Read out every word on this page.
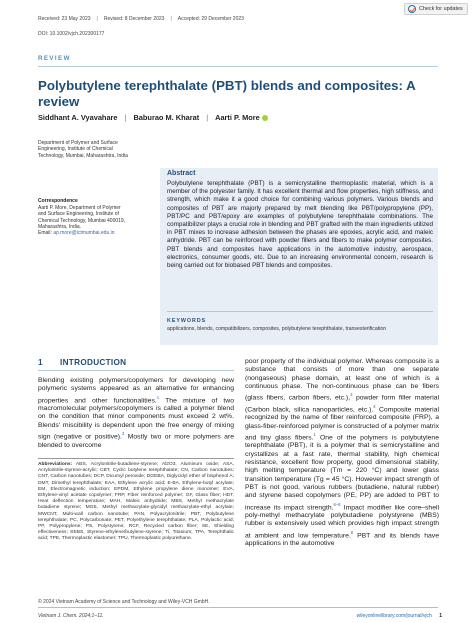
Received: 23 May 2023 | Revised: 8 December 2023 | Accepted: 29 December 2023
DOI: 10.1002/vjch.202300177
Check for updates
REVIEW
Polybutylene terephthalate (PBT) blends and composites: A review
Siddhant A. Vyavahare | Baburao M. Kharat | Aarti P. More
Department of Polymer and Surface Engineering, Institute of Chemical Technology, Mumbai, Maharashtra, India
Correspondence
Aarti P. More, Department of Polymer and Surface Engineering, Institute of Chemical Technology, Mumbai 400019, Maharashtra, India.
Email: ap.more@ictmumbai.edu.in
Abstract
Polybutylene terephthalate (PBT) is a semicrystalline thermoplastic material, which is a member of the polyester family. It has excellent thermal and flow properties, high stiffness, and strength, which make it a good choice for combining various polymers. Various blends and composites of PBT are majorly prepared by melt blending like PBT/polypropylene (PP), PBT/PC and PBT/epoxy are examples of polybutylene terephthalate combinations. The compatibilizer plays a crucial role in blending and PBT grafted with the main ingredients utilized in PBT mixes to increase adhesion between the phases are epoxies, acrylic acid, and maleic anhydride. PBT can be reinforced with powder fillers and fibers to make polymer composites. PBT blends and composites have applications in the automotive industry, aerospace, electronics, consumer goods, etc. Due to an increasing environmental concern, research is being carried out for biobased PBT blends and composites.
KEYWORDS
applications, blends, compatibilizers, composites, polybutylene terephthalate, transesterification
1 INTRODUCTION
Blending existing polymers/copolymers for developing new polymeric systems appeared as an alternative for enhancing properties and other functionalities.$^1$ The mixture of two macromolecular polymers/copolymers is called a polymer blend on the condition that minor components must exceed 2 wt%. Blends' miscibility is dependent upon the free energy of mixing sign (negative or positive).$^2$ Mostly two or more polymers are blended to overcome
Abbreviations: ABS, Acrylonitrile-butadiene-styrene; Al2O3, Aluminum oxide; ASA, Acrylonitrile-styrene-acrylic; CBT, Cyclic butylene terephthalate; CN, Carbon nanotubes; CNT, Carbon nanotubes; DCP, Dicumyl peroxide; DGEBA, Diglycidyl ether of bisphenol A; DMT, Dimethyl terephthalate; EAA, Ethylene acrylic acid; E-BA, Ethylene-butyl acrylate; EM, Electromagnetic induction; EPDM, Ethylene propylene diene monomer; EVA, Ethylene-vinyl acetate copolymer; FRP, Fiber reinforced polymer; GF, Glass fiber; HDT, Heat deflection temperature; MAH, Maleic anhydride; MBS, Methyl methacrylate butadiene styrene; MGE, Methyl methacrylate-glycidyl methacrylate-ethyl acrylate; MWCNT, Multi-wall carbon nanotube; PAN, Polyacrylonitrile; PBT, Polybutylene terephthalate; PC, Polycarbonate; PET, Polyethylene terephthalate; PLA, Polylactic acid; PP, Polypropylene; PS, Polystyrene; RCF, Recycled carbon fiber; SE, Shielding effectiveness; SEBS, Styrene-ethylene/butylene-styrene; Ti, Titanium; TPA, Terephthalic acid; TPE, Thermoplastic elastomer; TPU, Thermoplastic polyurethane.
poor property of the individual polymer. Whereas composite is a substance that consists of more than one separate (nongaseous) phase domain, at least one of which is a continuous phase. The non-continuous phase can be fibers (glass fibers, carbon fibers, etc.),$^3$ powder form filler material (Carbon black, silica nanoparticles, etc.).$^4$ Composite material recognized by the name of fiber reinforced composite (FRP), a glass-fiber-reinforced polymer is constructed of a polymer matrix and tiny glass fibers.$^1$ One of the polymers is polybutylene terephthalate (PBT), it is a polymer that is semicrystalline and crystallizes at a fast rate, thermal stability, high chemical resistance, excellent flow property, good dimensional stability, high melting temperature (Tm = 220 °C) and lower glass transition temperature (Tg = 45 °C). However impact strength of PBT is not good, various rubbers (butadiene, natural rubber) and styrene based copolymers (PE, PP) are added to PBT to increase its impact strength.$^{6-8}$ Impact modifier like core–shell poly-methyl methacrylate polybutadiene polystyrene (MBS) rubber is extensively used which provides high impact strength at ambient and low temperature.$^8$ PBT and its blends have applications in the automotive
© 2024 Vietnam Academy of Science and Technology and Wiley-VCH GmbH.
Vietnam J. Chem. 2024;1–11.	wileyonlinelibrary.com/journal/vjch 1
